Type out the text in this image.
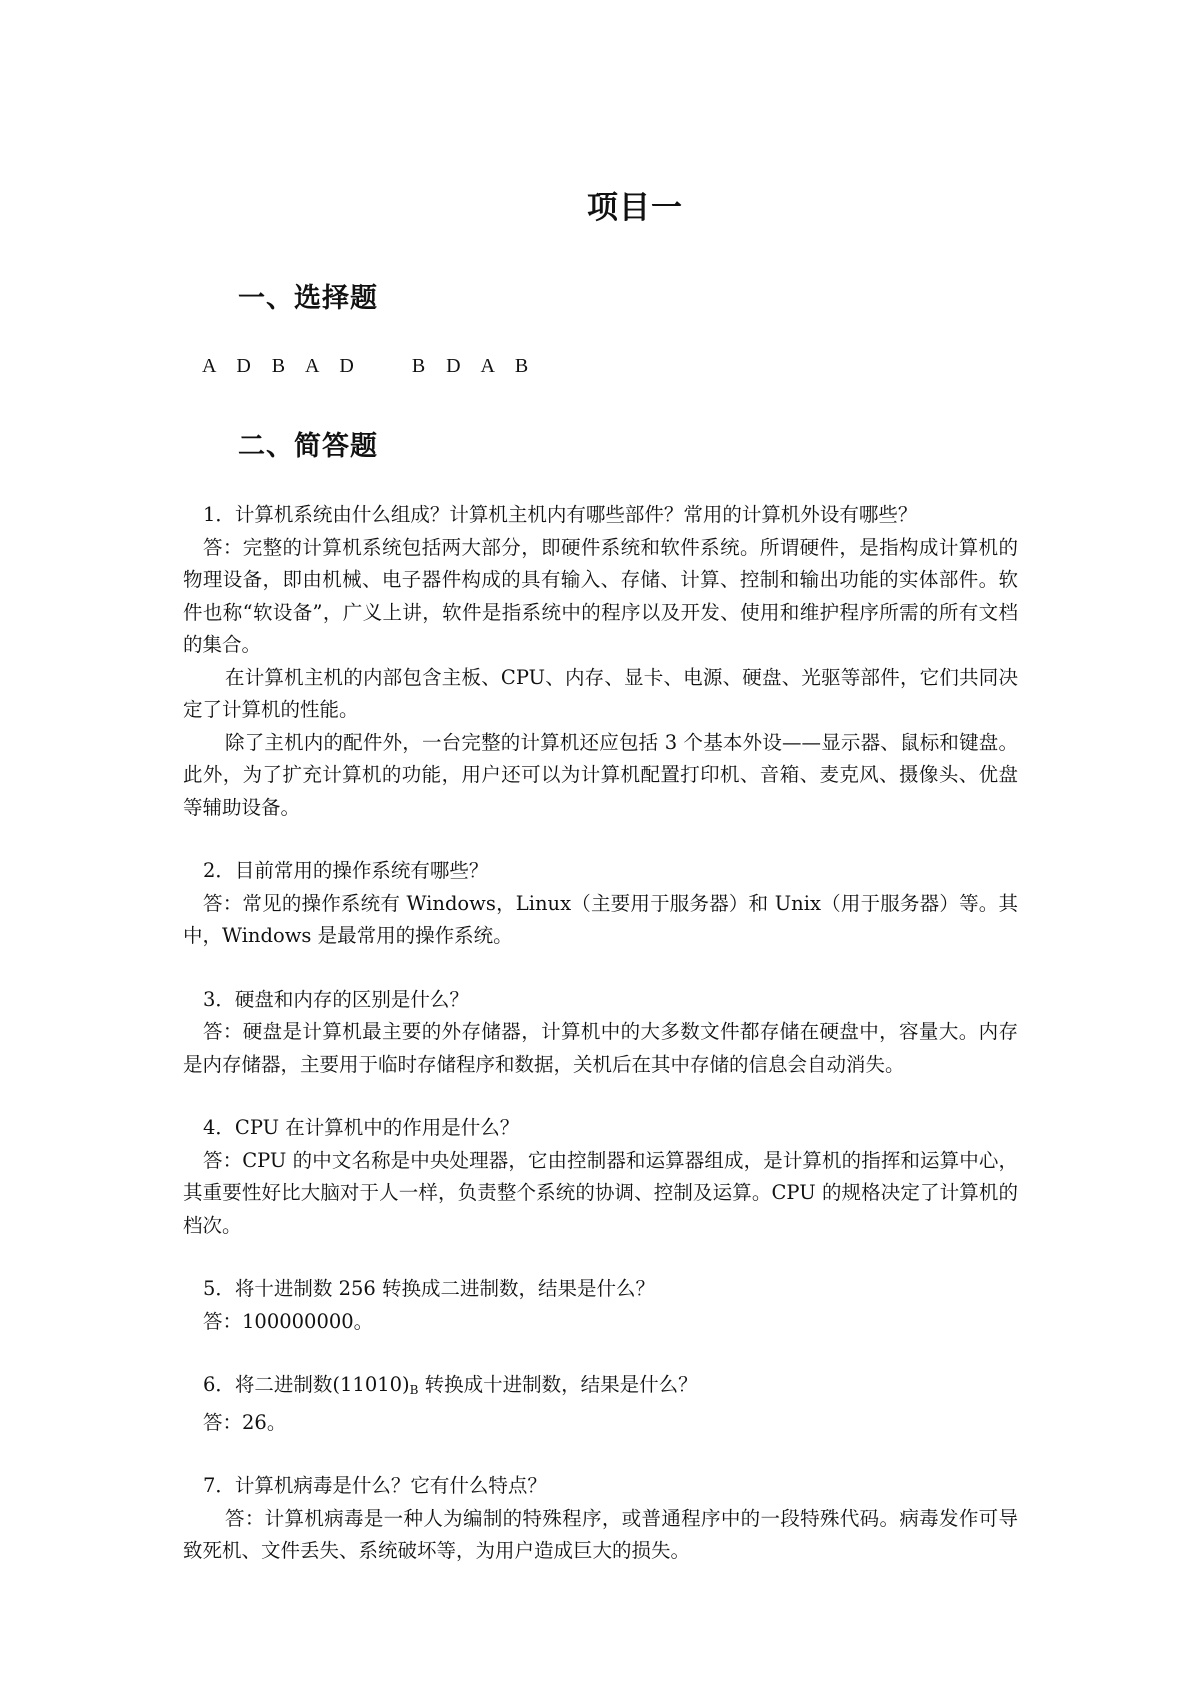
项目一
一、选择题
A D B A D	B D A B
二、简答题

1．计算机系统由什么组成？计算机主机内有哪些部件？常用的计算机外设有哪些？

答：完整的计算机系统包括两大部分，即硬件系统和软件系统。所谓硬件，是指构成计算机的物理设备，即由机械、电子器件构成的具有输入、存储、计算、控制和输出功能的实体部件。软件也称“软设备”，广义上讲，软件是指系统中的程序以及开发、使用和维护程序所需的所有文档的集合。

在计算机主机的内部包含主板、CPU、内存、显卡、电源、硬盘、光驱等部件，它们共同决定了计算机的性能。

除了主机内的配件外，一台完整的计算机还应包括 3 个基本外设——显示器、鼠标和键盘。此外，为了扩充计算机的功能，用户还可以为计算机配置打印机、音箱、麦克风、摄像头、优盘等辅助设备。

2．目前常用的操作系统有哪些？

答：常见的操作系统有 Windows，Linux（主要用于服务器）和 Unix（用于服务器）等。其中，Windows 是最常用的操作系统。

3．硬盘和内存的区别是什么？

答：硬盘是计算机最主要的外存储器，计算机中的大多数文件都存储在硬盘中，容量大。内存是内存储器，主要用于临时存储程序和数据，关机后在其中存储的信息会自动消失。

4．CPU 在计算机中的作用是什么？

答：CPU 的中文名称是中央处理器，它由控制器和运算器组成，是计算机的指挥和运算中心，其重要性好比大脑对于人一样，负责整个系统的协调、控制及运算。CPU 的规格决定了计算机的档次。

5．将十进制数 256 转换成二进制数，结果是什么？

答：100000000。

6．将二进制数$(11010)_B$ 转换成十进制数，结果是什么？

答：26。

7．计算机病毒是什么？它有什么特点？

答：计算机病毒是一种人为编制的特殊程序，或普通程序中的一段特殊代码。病毒发作可导致死机、文件丢失、系统破坏等，为用户造成巨大的损失。
